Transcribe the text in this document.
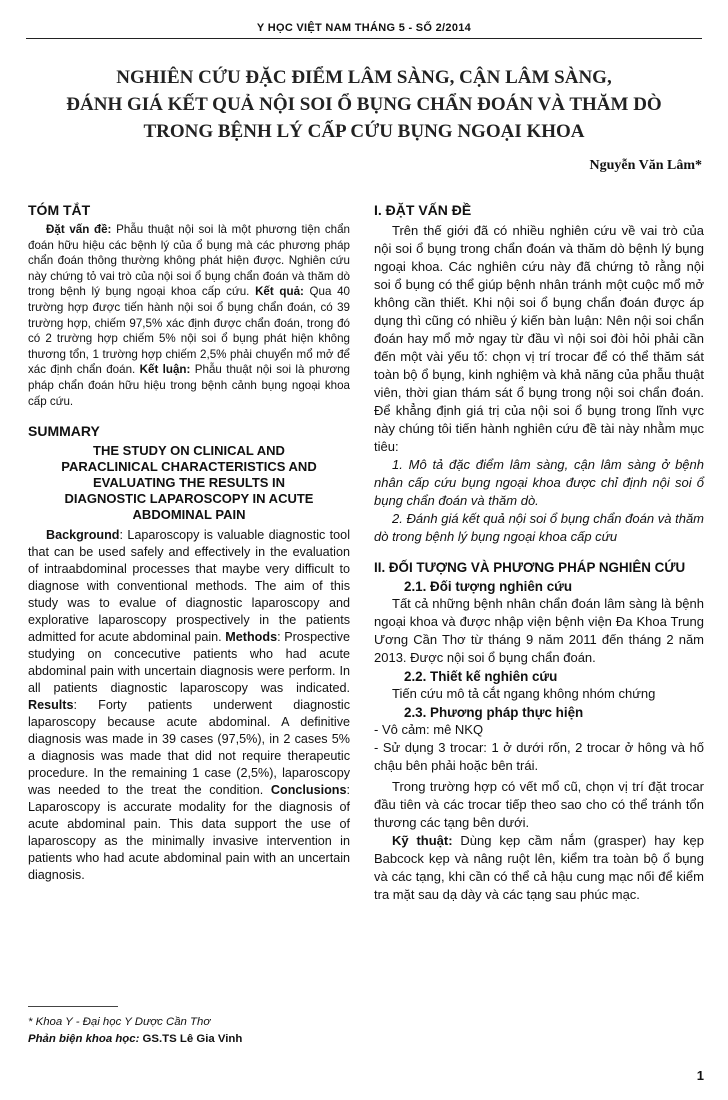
Y HỌC VIỆT NAM THÁNG 5 - SỐ 2/2014
NGHIÊN CỨU ĐẶC ĐIỂM LÂM SÀNG, CẬN LÂM SÀNG,
ĐÁNH GIÁ KẾT QUẢ NỘI SOI Ổ BỤNG CHẨN ĐOÁN VÀ THĂM DÒ
TRONG BỆNH LÝ CẤP CỨU BỤNG NGOẠI KHOA
Nguyễn Văn Lâm*
TÓM TẮT

Đặt vấn đề: Phẫu thuật nội soi là một phương tiện chẩn đoán hữu hiệu các bệnh lý của ổ bụng mà các phương pháp chẩn đoán thông thường không phát hiện được. Nghiên cứu này chứng tỏ vai trò của nội soi ổ bụng chẩn đoán và thăm dò trong bệnh lý bụng ngoại khoa cấp cứu. Kết quả: Qua 40 trường hợp được tiến hành nội soi ổ bụng chẩn đoán, có 39 trường hợp, chiếm 97,5% xác định được chẩn đoán, trong đó có 2 trường hợp chiếm 5% nội soi ổ bụng phát hiện không thương tổn, 1 trường hợp chiếm 2,5% phải chuyển mổ mở để xác định chẩn đoán. Kết luận: Phẫu thuật nội soi là phương pháp chẩn đoán hữu hiệu trong bệnh cảnh bụng ngoại khoa cấp cứu.

SUMMARY
THE STUDY ON CLINICAL AND
PARACLINICAL CHARACTERISTICS AND
EVALUATING THE RESULTS IN
DIAGNOSTIC LAPAROSCOPY IN ACUTE
ABDOMINAL PAIN

Background: Laparoscopy is valuable diagnostic tool that can be used safely and effectively in the evaluation of intraabdominal processes that maybe very difficult to diagnose with conventional methods. The aim of this study was to evalue of diagnostic laparoscopy and explorative laparoscopy prospectively in the patients admitted for acute abdominal pain. Methods: Prospective studying on concecutive patients who had acute abdominal pain with uncertain diagnosis were perform. In all patients diagnostic laparoscopy was indicated. Results: Forty patients underwent diagnostic laparoscopy because acute abdominal. A definitive diagnosis was made in 39 cases (97,5%), in 2 cases 5% a diagnosis was made that did not require therapeutic procedure. In the remaining 1 case (2,5%), laparoscopy was needed to the treat the condition. Conclusions: Laparoscopy is accurate modality for the diagnosis of acute abdominal pain. This data support the use of laparoscopy as the minimally invasive intervention in patients who had acute abdominal pain with an uncertain diagnosis.

* Khoa Y - Đại học Y Dược Cần Thơ
Phản biện khoa học: GS.TS Lê Gia Vinh
I. ĐẶT VẤN ĐỀ

Trên thế giới đã có nhiều nghiên cứu về vai trò của nội soi ổ bụng trong chẩn đoán và thăm dò bệnh lý bụng ngoại khoa. Các nghiên cứu này đã chứng tỏ rằng nội soi ổ bụng có thể giúp bệnh nhân tránh một cuộc mổ mở không cần thiết. Khi nội soi ổ bụng chẩn đoán được áp dụng thì cũng có nhiều ý kiến bàn luận: Nên nội soi chẩn đoán hay mổ mở ngay từ đầu vì nội soi đòi hỏi phải cần đến một vài yếu tố: chọn vị trí trocar để có thể thăm sát toàn bộ ổ bụng, kinh nghiệm và khả năng của phẫu thuật viên, thời gian thám sát ổ bụng trong nội soi chẩn đoán. Để khẳng định giá trị của nội soi ổ bụng trong lĩnh vực này chúng tôi tiến hành nghiên cứu đề tài này nhằm mục tiêu:

1. Mô tả đặc điểm lâm sàng, cận lâm sàng ở bệnh nhân cấp cứu bụng ngoại khoa được chỉ định nội soi ổ bụng chẩn đoán và thăm dò.

2. Đánh giá kết quả nội soi ổ bụng chẩn đoán và thăm dò trong bệnh lý bụng ngoại khoa cấp cứu

II. ĐỐI TƯỢNG VÀ PHƯƠNG PHÁP NGHIÊN CỨU
2.1. Đối tượng nghiên cứu

Tất cả những bệnh nhân chẩn đoán lâm sàng là bệnh ngoại khoa và được nhập viện bệnh viện Đa Khoa Trung Ương Cần Thơ từ tháng 9 năm 2011 đến tháng 2 năm 2013. Được nội soi ổ bụng chẩn đoán.

2.2. Thiết kế nghiên cứu

Tiến cứu mô tả cắt ngang không nhóm chứng

2.3. Phương pháp thực hiện

- Vô cảm: mê NKQ

- Sử dụng 3 trocar: 1 ở dưới rốn, 2 trocar ở hông và hố chậu bên phải hoặc bên trái.

Trong trường hợp có vết mổ cũ, chọn vị trí đặt trocar đầu tiên và các trocar tiếp theo sao cho có thể tránh tổn thương các tạng bên dưới.

Kỹ thuật: Dùng kẹp cầm nắm (grasper) hay kẹp Babcock kẹp và nâng ruột lên, kiểm tra toàn bộ ổ bụng và các tạng, khi cần có thể cả hậu cung mạc nối để kiểm tra mặt sau dạ dày và các tạng sau phúc mạc.

1
